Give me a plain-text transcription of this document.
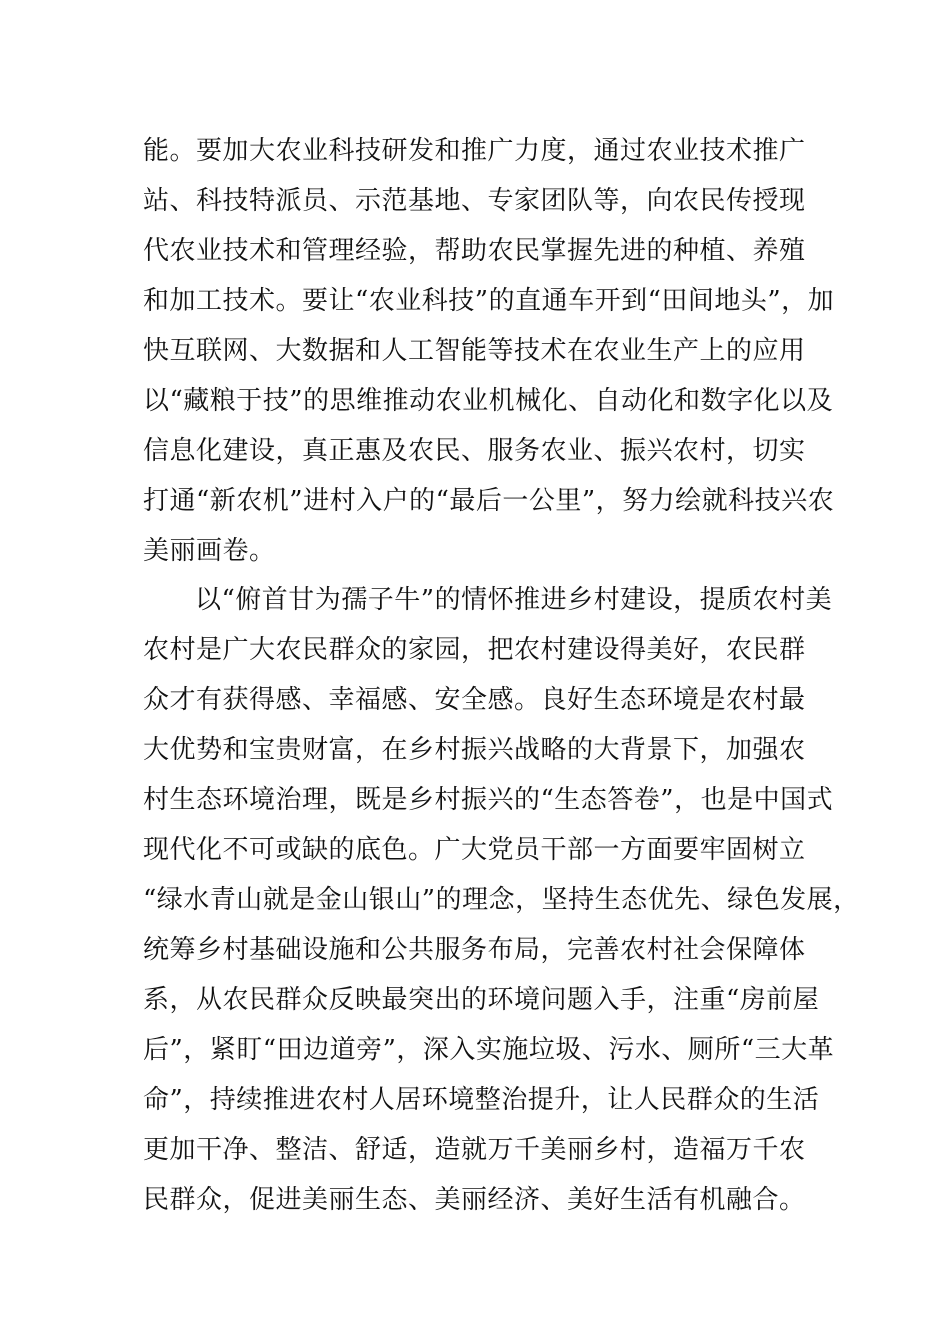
能。要加大农业科技研发和推广力度，通过农业技术推广
站、科技特派员、示范基地、专家团队等，向农民传授现
代农业技术和管理经验，帮助农民掌握先进的种植、养殖
和加工技术。要让“农业科技”的直通车开到“田间地头”，加
快互联网、大数据和人工智能等技术在农业生产上的应用
以“藏粮于技”的思维推动农业机械化、自动化和数字化以及
信息化建设，真正惠及农民、服务农业、振兴农村，切实
打通“新农机”进村入户的“最后一公里”，努力绘就科技兴农
美丽画卷。
以“俯首甘为孺子牛”的情怀推进乡村建设，提质农村美
农村是广大农民群众的家园，把农村建设得美好，农民群
众才有获得感、幸福感、安全感。良好生态环境是农村最
大优势和宝贵财富，在乡村振兴战略的大背景下，加强农
村生态环境治理，既是乡村振兴的“生态答卷”，也是中国式
现代化不可或缺的底色。广大党员干部一方面要牢固树立
“绿水青山就是金山银山”的理念，坚持生态优先、绿色发展，
统筹乡村基础设施和公共服务布局，完善农村社会保障体
系，从农民群众反映最突出的环境问题入手，注重“房前屋
后”，紧盯“田边道旁”，深入实施垃圾、污水、厕所“三大革
命”，持续推进农村人居环境整治提升，让人民群众的生活
更加干净、整洁、舒适，造就万千美丽乡村，造福万千农
民群众，促进美丽生态、美丽经济、美好生活有机融合。
